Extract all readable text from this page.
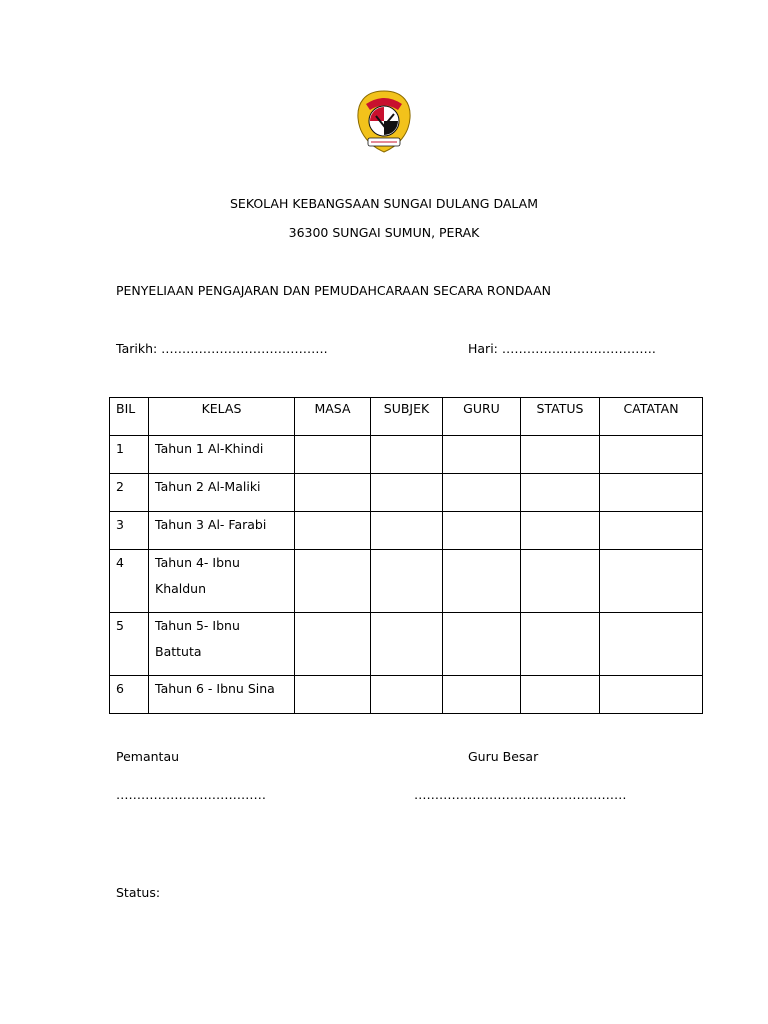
SEKOLAH KEBANGSAAN SUNGAI DULANG DALAM
36300 SUNGAI SUMUN, PERAK
PENYELIAAN PENGAJARAN DAN PEMUDAHCARAAN SECARA RONDAAN
Tarikh: ………………………………….	Hari: ……………………………….
BIL	KELAS	MASA	SUBJEK	GURU	STATUS	CATATAN
1	Tahun 1 Al-Khindi					
2	Tahun 2 Al-Maliki					
3	Tahun 3 Al- Farabi					
4	Tahun 4- Ibnu Khaldun					
5	Tahun 5- Ibnu Battuta					
6	Tahun 6 - Ibnu Sina					
Pemantau	Guru Besar
………………………………	……………………………………………
Status:
